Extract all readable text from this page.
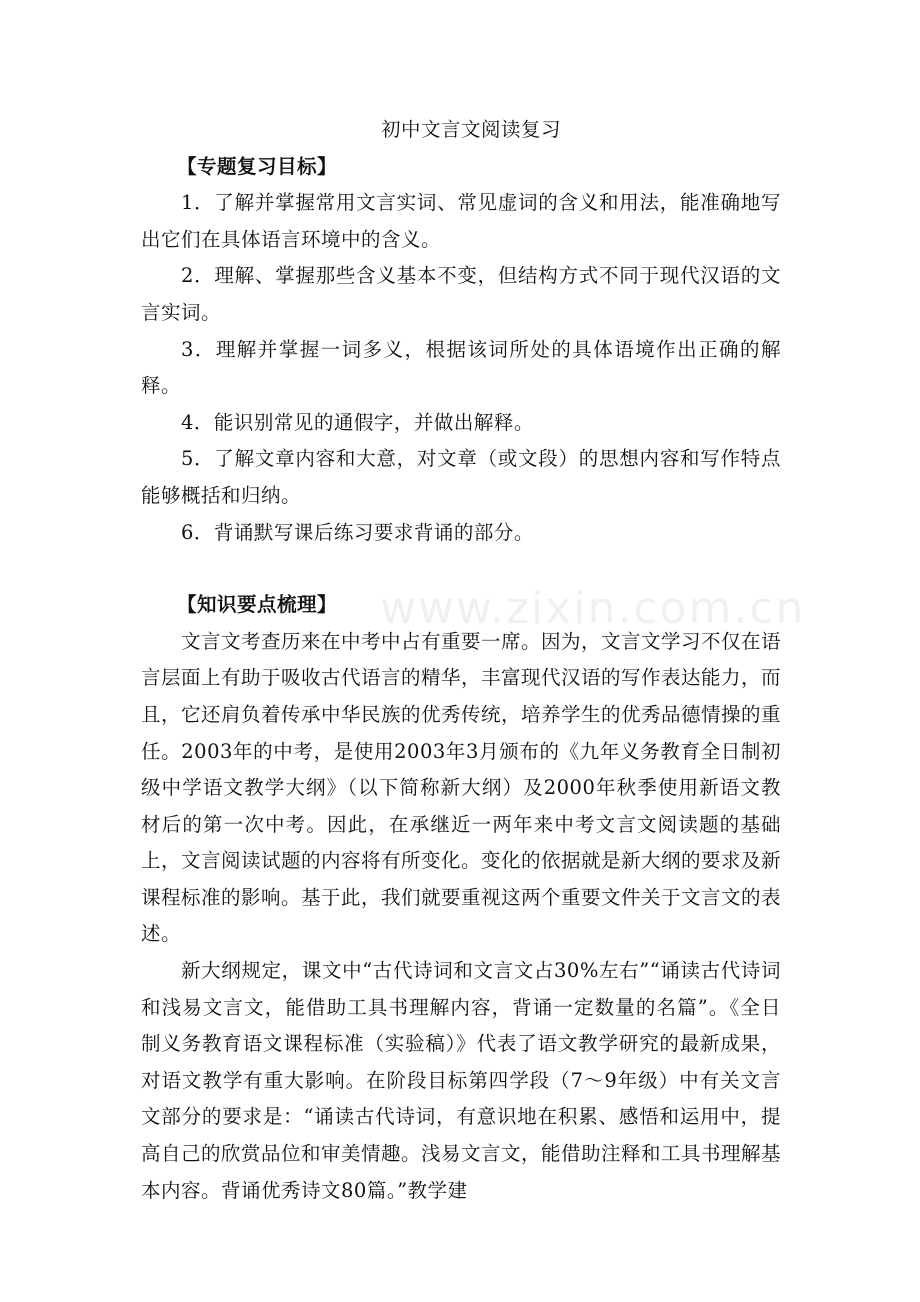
www.zixin.com.cn

初中文言文阅读复习

【专题复习目标】

1．了解并掌握常用文言实词、常见虚词的含义和用法，能准确地写出它们在具体语言环境中的含义。

2．理解、掌握那些含义基本不变，但结构方式不同于现代汉语的文言实词。

3．理解并掌握一词多义，根据该词所处的具体语境作出正确的解释。

4．能识别常见的通假字，并做出解释。

5．了解文章内容和大意，对文章（或文段）的思想内容和写作特点能够概括和归纳。

6．背诵默写课后练习要求背诵的部分。

【知识要点梳理】

文言文考查历来在中考中占有重要一席。因为，文言文学习不仅在语言层面上有助于吸收古代语言的精华，丰富现代汉语的写作表达能力，而且，它还肩负着传承中华民族的优秀传统，培养学生的优秀品德情操的重任。2003年的中考，是使用2003年3月颁布的《九年义务教育全日制初级中学语文教学大纲》（以下简称新大纲）及2000年秋季使用新语文教材后的第一次中考。因此，在承继近一两年来中考文言文阅读题的基础上，文言阅读试题的内容将有所变化。变化的依据就是新大纲的要求及新课程标准的影响。基于此，我们就要重视这两个重要文件关于文言文的表述。

新大纲规定，课文中“古代诗词和文言文占30%左右”“诵读古代诗词和浅易文言文，能借助工具书理解内容，背诵一定数量的名篇”。《全日制义务教育语文课程标准（实验稿）》代表了语文教学研究的最新成果，对语文教学有重大影响。在阶段目标第四学段（7～9年级）中有关文言文部分的要求是：“诵读古代诗词，有意识地在积累、感悟和运用中，提高自己的欣赏品位和审美情趣。浅易文言文，能借助注释和工具书理解基本内容。背诵优秀诗文80篇。”教学建
